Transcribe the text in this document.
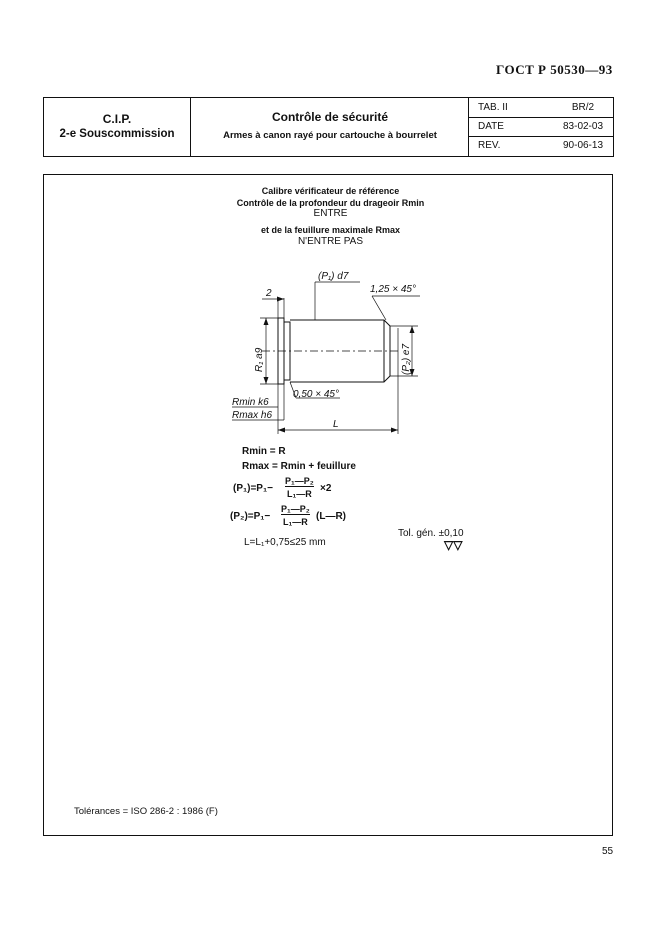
ГОСТ Р 50530—93
C.I.P.
2-e Souscommission
Contrôle de sécurité
Armes à canon rayé pour cartouche à bourrelet
TAB. II	BR/2
DATE	83-02-03
REV.	90-06-13
Calibre vérificateur de référence
Contrôle de la profondeur du drageoir Rmin
ENTRE
et de la feuillure maximale Rmax
N'ENTRE PAS
(P₁) d7
1,25 × 45°
2
R₁ a9	(P₂) e7
0,50 × 45°
Rmin k6
Rmax h6
L
Rmin = R
Rmax = Rmin + feuillure
(P₁)=P₁−
P₁—P₂
L₁—R ×2
(P₂)=P₁−
P₁—P₂
L₁—R (L—R)
L=L₁+0,75≤25 mm
Tol. gén. ±0,10
▽▽
Tolérances = ISO 286-2 : 1986 (F)
55
